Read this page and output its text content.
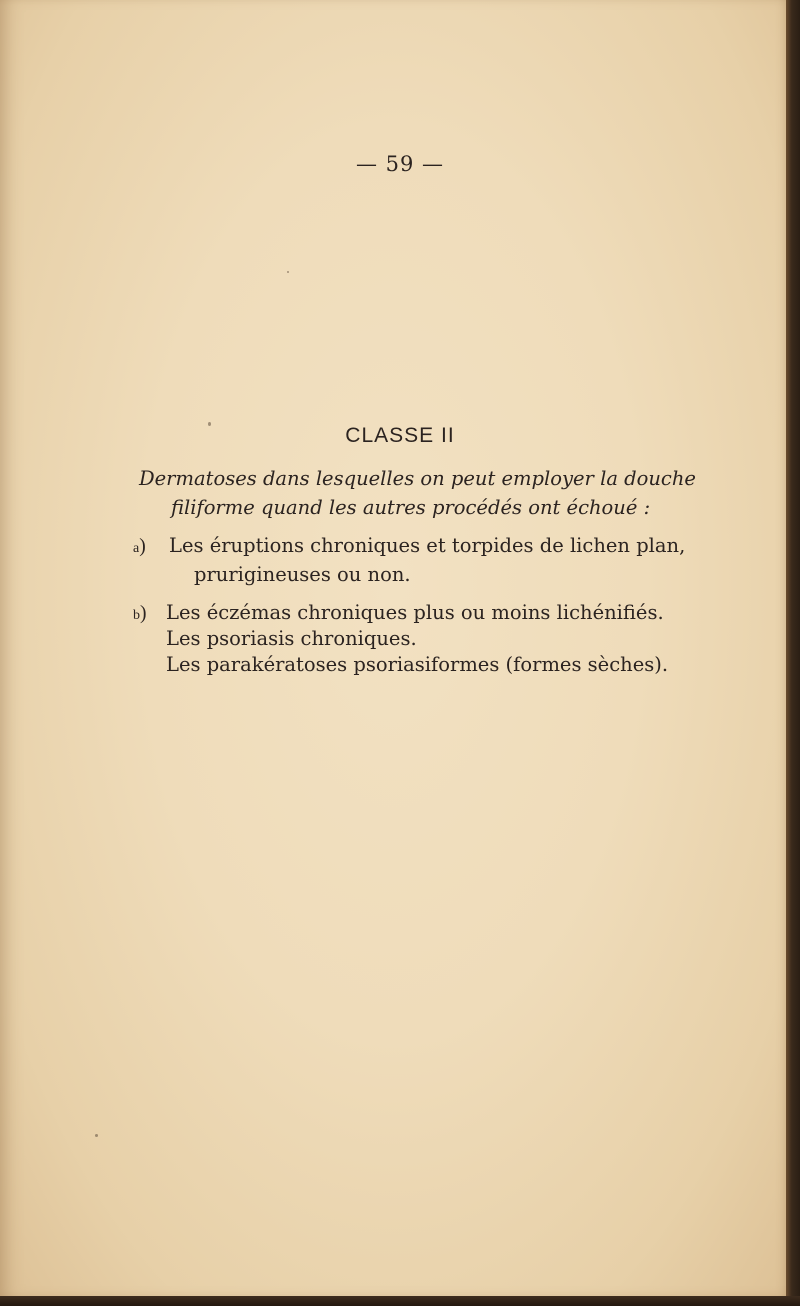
— 59 —
CLASSE II
Dermatoses dans lesquelles on peut employer la douche
filiforme quand les autres procédés ont échoué :
a) Les éruptions chroniques et torpides de lichen plan,
prurigineuses ou non.
b) Les éczémas chroniques plus ou moins lichénifiés.
Les psoriasis chroniques.
Les parakératoses psoriasiformes (formes sèches).
